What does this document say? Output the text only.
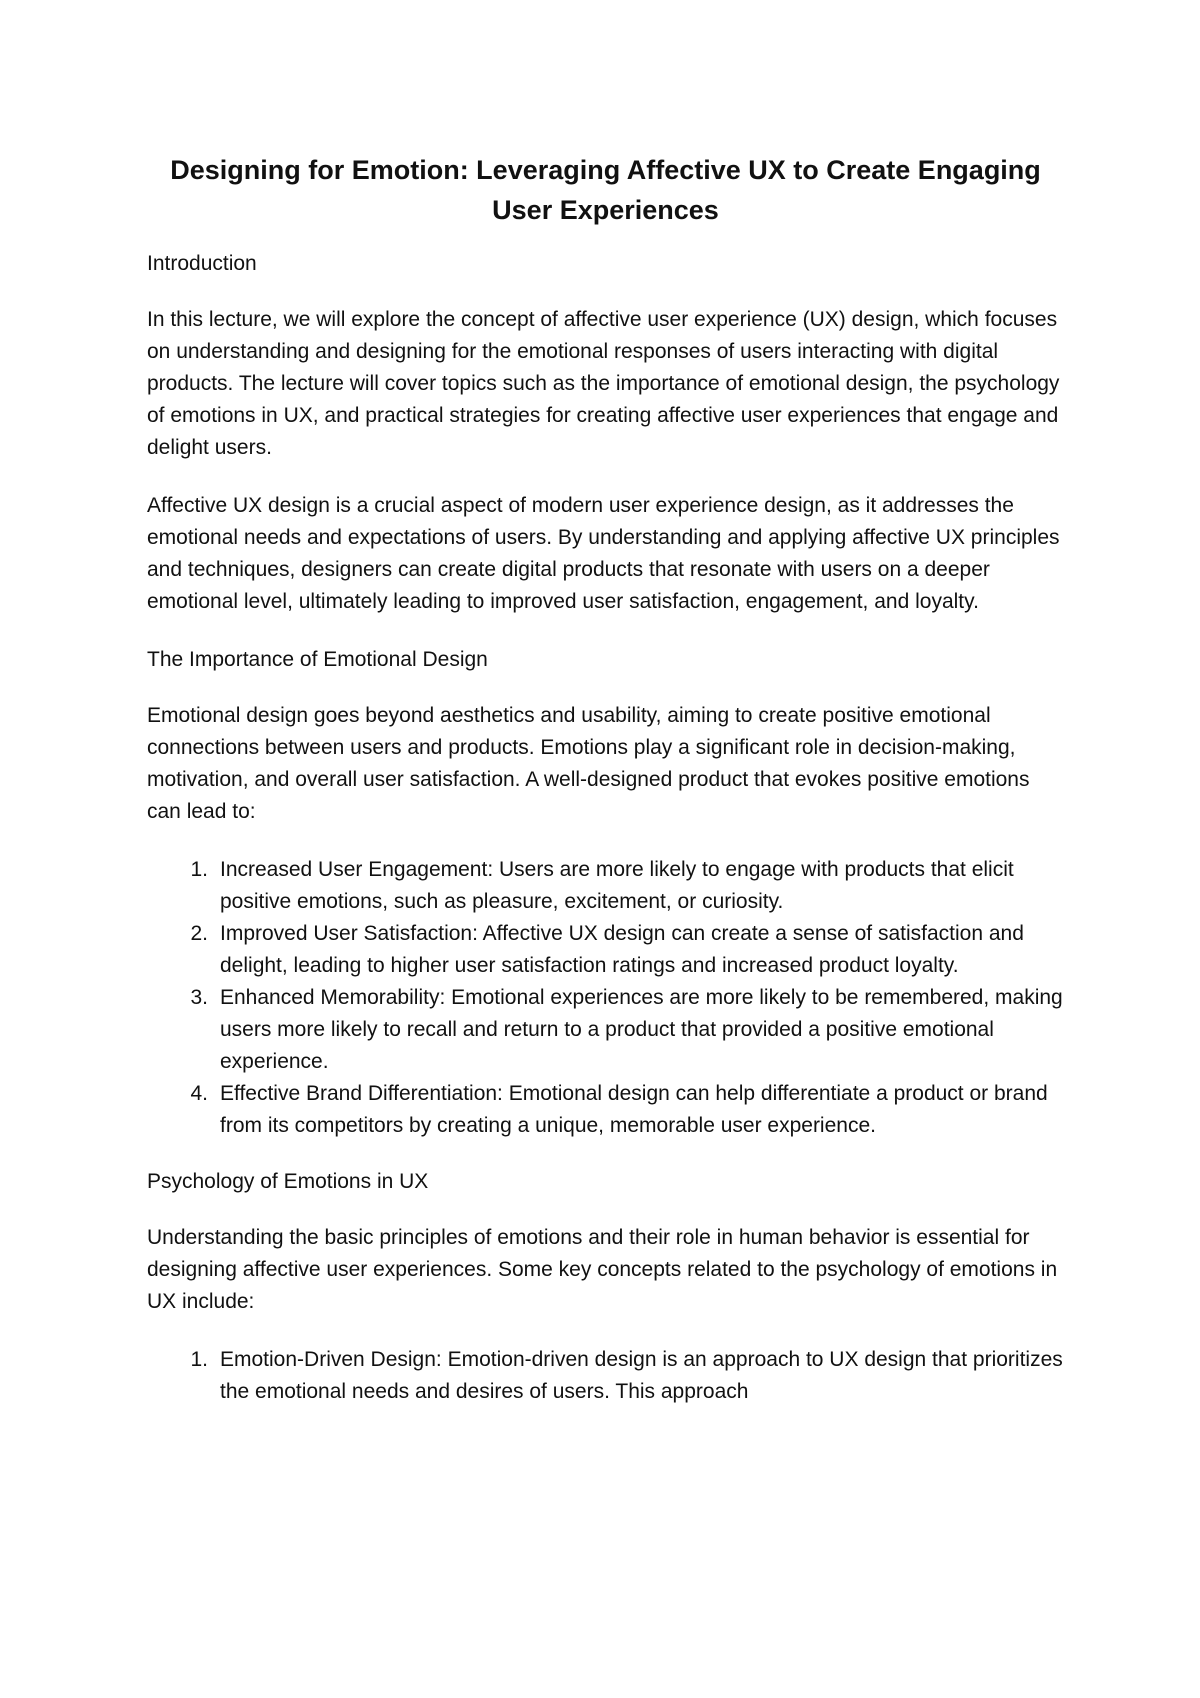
Designing for Emotion: Leveraging Affective UX to Create Engaging User Experiences
Introduction

In this lecture, we will explore the concept of affective user experience (UX) design, which focuses on understanding and designing for the emotional responses of users interacting with digital products. The lecture will cover topics such as the importance of emotional design, the psychology of emotions in UX, and practical strategies for creating affective user experiences that engage and delight users.

Affective UX design is a crucial aspect of modern user experience design, as it addresses the emotional needs and expectations of users. By understanding and applying affective UX principles and techniques, designers can create digital products that resonate with users on a deeper emotional level, ultimately leading to improved user satisfaction, engagement, and loyalty.

The Importance of Emotional Design

Emotional design goes beyond aesthetics and usability, aiming to create positive emotional connections between users and products. Emotions play a significant role in decision-making, motivation, and overall user satisfaction. A well-designed product that evokes positive emotions can lead to:

1. Increased User Engagement: Users are more likely to engage with products that elicit positive emotions, such as pleasure, excitement, or curiosity.
2. Improved User Satisfaction: Affective UX design can create a sense of satisfaction and delight, leading to higher user satisfaction ratings and increased product loyalty.
3. Enhanced Memorability: Emotional experiences are more likely to be remembered, making users more likely to recall and return to a product that provided a positive emotional experience.
4. Effective Brand Differentiation: Emotional design can help differentiate a product or brand from its competitors by creating a unique, memorable user experience.
Psychology of Emotions in UX

Understanding the basic principles of emotions and their role in human behavior is essential for designing affective user experiences. Some key concepts related to the psychology of emotions in UX include:

1. Emotion-Driven Design: Emotion-driven design is an approach to UX design that prioritizes the emotional needs and desires of users. This approach
